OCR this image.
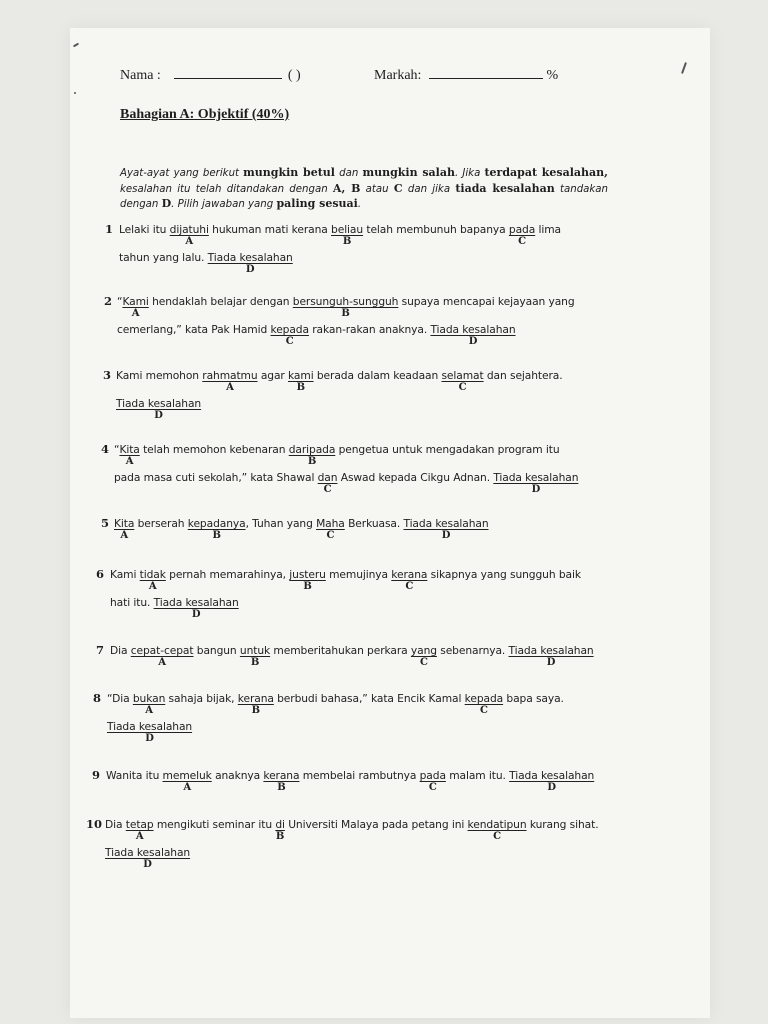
Nama :	( )	Markah:	%
Bahagian A: Objektif (40%)
Ayat-ayat yang berikut mungkin betul dan mungkin salah. Jika terdapat kesalahan, kesalahan itu telah ditandakan dengan A, B atau C dan jika tiada kesalahan tandakan dengan D. Pilih jawaban yang paling sesuai.
1 Lelaki itu dijatuhi
A
hukuman mati kerana beliau
B
telah membunuh bapanya pada
C
lima
tahun yang lalu. Tiada kesalahan
D
2 “Kami
A
hendaklah belajar dengan bersunguh-sungguh
B
supaya mencapai kejayaan yang
cemerlang,” kata Pak Hamid kepada
C
rakan-rakan anaknya. Tiada kesalahan
D
3 Kami memohon rahmatmu
A
agar kami
B
berada dalam keadaan selamat
C
dan sejahtera.
Tiada kesalahan
D
4 “Kita
A
telah memohon kebenaran daripada
B
pengetua untuk mengadakan program itu
pada masa cuti sekolah,” kata Shawal dan
C
Aswad kepada Cikgu Adnan. Tiada kesalahan
D
5 Kita
A
berserah kepadanya
B
, Tuhan yang Maha
C
Berkuasa. Tiada kesalahan
D
6 Kami tidak
A
pernah memarahinya, justeru
B
memujinya kerana
C
sikapnya yang sungguh baik
hati itu. Tiada kesalahan
D
7 Dia cepat-cepat
A
bangun untuk
B
memberitahukan perkara yang
C
sebenarnya. Tiada kesalahan
D
8 “Dia bukan
A
sahaja bijak, kerana
B
berbudi bahasa,” kata Encik Kamal kepada
C
bapa saya.
Tiada kesalahan
D
9 Wanita itu memeluk
A
anaknya kerana
B
membelai rambutnya pada
C
malam itu. Tiada kesalahan
D
10 Dia tetap
A
mengikuti seminar itu di
B
Universiti Malaya pada petang ini kendatipun
C
kurang sihat.
Tiada kesalahan
D
